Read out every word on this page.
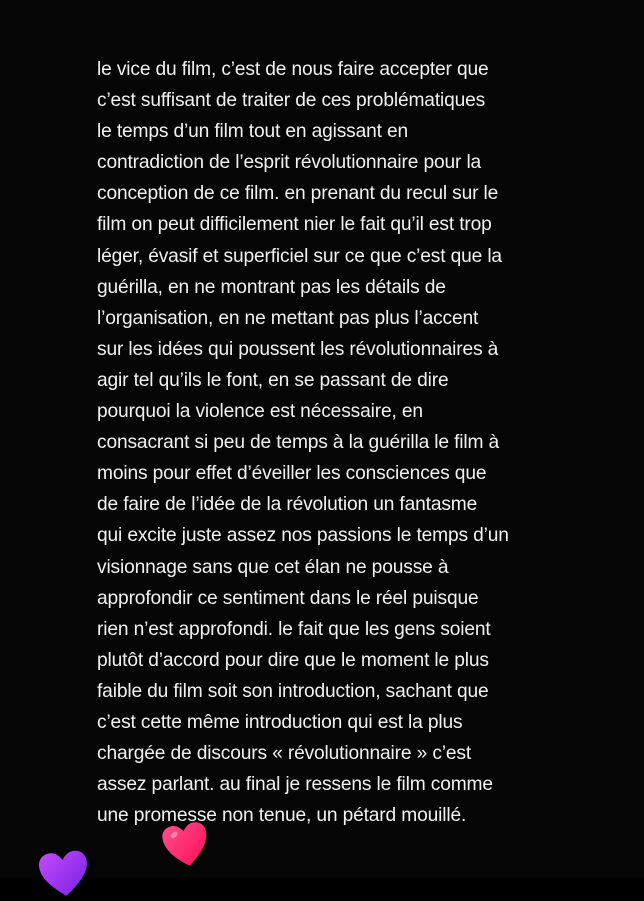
le vice du film, c’est de nous faire accepter que
c’est suffisant de traiter de ces problématiques
le temps d’un film tout en agissant en
contradiction de l’esprit révolutionnaire pour la
conception de ce film. en prenant du recul sur le
film on peut difficilement nier le fait qu’il est trop
léger, évasif et superficiel sur ce que c’est que la
guérilla, en ne montrant pas les détails de
l’organisation, en ne mettant pas plus l’accent
sur les idées qui poussent les révolutionnaires à
agir tel qu’ils le font, en se passant de dire
pourquoi la violence est nécessaire, en
consacrant si peu de temps à la guérilla le film à
moins pour effet d’éveiller les consciences que
de faire de l’idée de la révolution un fantasme
qui excite juste assez nos passions le temps d’un
visionnage sans que cet élan ne pousse à
approfondir ce sentiment dans le réel puisque
rien n’est approfondi. le fait que les gens soient
plutôt d’accord pour dire que le moment le plus
faible du film soit son introduction, sachant que
c’est cette même introduction qui est la plus
chargée de discours « révolutionnaire » c’est
assez parlant. au final je ressens le film comme
une promesse non tenue, un pétard mouillé.
